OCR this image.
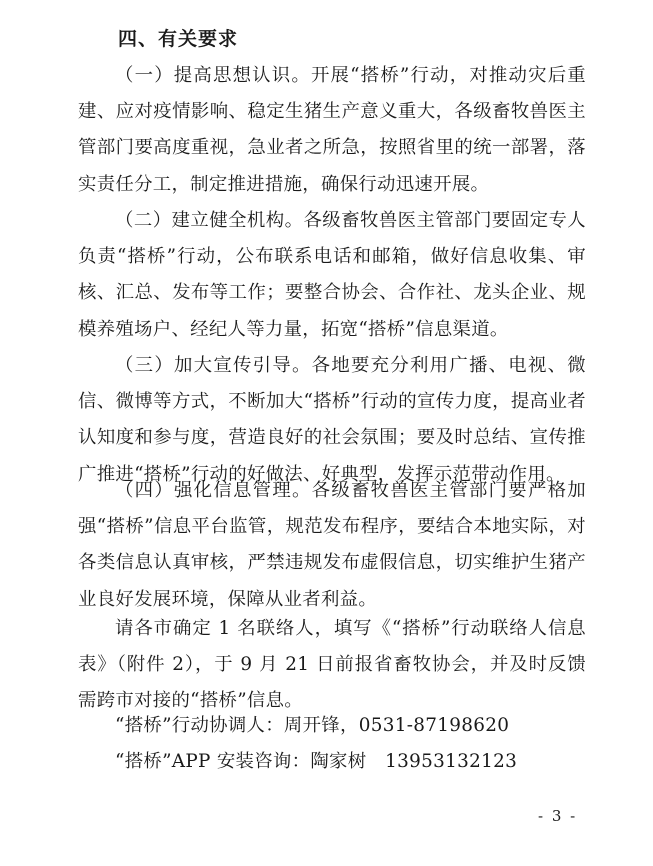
四、有关要求

（一）提高思想认识。开展“搭桥”行动，对推动灾后重建、应对疫情影响、稳定生猪生产意义重大，各级畜牧兽医主管部门要高度重视，急业者之所急，按照省里的统一部署，落实责任分工，制定推进措施，确保行动迅速开展。

（二）建立健全机构。各级畜牧兽医主管部门要固定专人负责“搭桥”行动，公布联系电话和邮箱，做好信息收集、审核、汇总、发布等工作；要整合协会、合作社、龙头企业、规模养殖场户、经纪人等力量，拓宽“搭桥”信息渠道。

（三）加大宣传引导。各地要充分利用广播、电视、微信、微博等方式，不断加大“搭桥”行动的宣传力度，提高业者认知度和参与度，营造良好的社会氛围；要及时总结、宣传推广推进“搭桥”行动的好做法、好典型，发挥示范带动作用。

（四）强化信息管理。各级畜牧兽医主管部门要严格加强“搭桥”信息平台监管，规范发布程序，要结合本地实际，对各类信息认真审核，严禁违规发布虚假信息，切实维护生猪产业良好发展环境，保障从业者利益。

请各市确定 1 名联络人，填写《“搭桥”行动联络人信息表》（附件 2），于 9 月 21 日前报省畜牧协会，并及时反馈需跨市对接的“搭桥”信息。

“搭桥”行动协调人：周开锋，0531-87198620
“搭桥”APP 安装咨询：陶家树　13953132123
- 3 -
